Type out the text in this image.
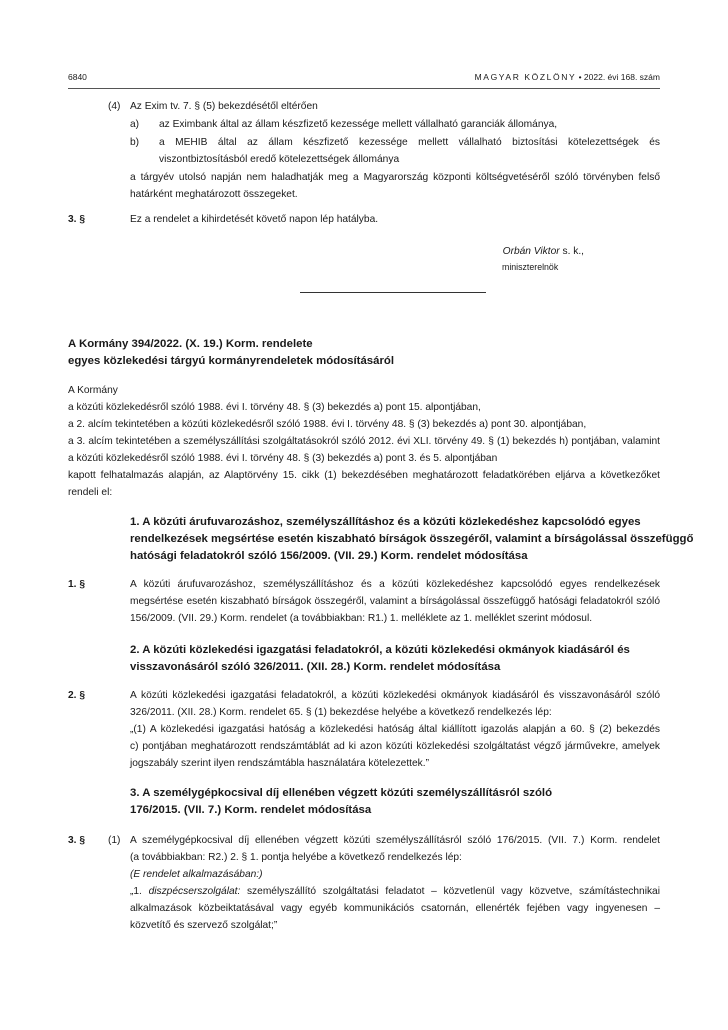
6840	MAGYAR KÖZLÖNY • 2022. évi 168. szám
(4) Az Exim tv. 7. § (5) bekezdésétől eltérően
a) az Eximbank által az állam készfizető kezessége mellett vállalható garanciák állománya,
b) a MEHIB által az állam készfizető kezessége mellett vállalható biztosítási kötelezettségek és
viszontbiztosításból eredő kötelezettségek állománya
a tárgyév utolsó napján nem haladhatják meg a Magyarország központi költségvetéséről szóló törvényben felső
határként meghatározott összegeket.
3. §	Ez a rendelet a kihirdetését követő napon lép hatályba.
Orbán Viktor s. k.,
miniszterelnök
A Kormány 394/2022. (X. 19.) Korm. rendelete
egyes közlekedési tárgyú kormányrendeletek módosításáról
A Kormány
a közúti közlekedésről szóló 1988. évi I. törvény 48. § (3) bekezdés a) pont 15. alpontjában,
a 2. alcím tekintetében a közúti közlekedésről szóló 1988. évi I. törvény 48. § (3) bekezdés a) pont 30. alpontjában,
a 3. alcím tekintetében a személyszállítási szolgáltatásokról szóló 2012. évi XLI. törvény 49. § (1) bekezdés h) pontjában, valamint
a közúti közlekedésről szóló 1988. évi I. törvény 48. § (3) bekezdés a) pont 3. és 5. alpontjában
kapott felhatalmazás alapján, az Alaptörvény 15. cikk (1) bekezdésében meghatározott feladatkörében eljárva a következőket
rendeli el:
1. A közúti árufuvarozáshoz, személyszállításhoz és a közúti közlekedéshez kapcsolódó egyes
rendelkezések megsértése esetén kiszabható bírságok összegéről, valamint a bírságolással összefüggő
hatósági feladatokról szóló 156/2009. (VII. 29.) Korm. rendelet módosítása
1. §	A közúti árufuvarozáshoz, személyszállításhoz és a közúti közlekedéshez kapcsolódó egyes rendelkezések
megsértése esetén kiszabható bírságok összegéről, valamint a bírságolással összefüggő hatósági feladatokról szóló
156/2009. (VII. 29.) Korm. rendelet (a továbbiakban: R1.) 1. melléklete az 1. melléklet szerint módosul.
2. A közúti közlekedési igazgatási feladatokról, a közúti közlekedési okmányok kiadásáról és
visszavonásáról szóló 326/2011. (XII. 28.) Korm. rendelet módosítása
2. §	A közúti közlekedési igazgatási feladatokról, a közúti közlekedési okmányok kiadásáról és visszavonásáról szóló
326/2011. (XII. 28.) Korm. rendelet 65. § (1) bekezdése helyébe a következő rendelkezés lép:
„(1) A közlekedési igazgatási hatóság a közlekedési hatóság által kiállított igazolás alapján a 60. § (2) bekezdés
c) pontjában meghatározott rendszámtáblát ad ki azon közúti közlekedési szolgáltatást végző járművekre, amelyek
jogszabály szerint ilyen rendszámtábla használatára kötelezettek.”
3. A személygépkocsival díj ellenében végzett közúti személyszállításról szóló
176/2015. (VII. 7.) Korm. rendelet módosítása
3. § (1) A személygépkocsival díj ellenében végzett közúti személyszállításról szóló 176/2015. (VII. 7.) Korm. rendelet
(a továbbiakban: R2.) 2. § 1. pontja helyébe a következő rendelkezés lép:
(E rendelet alkalmazásában:)
„1. diszpécserszolgálat: személyszállító szolgáltatási feladatot – közvetlenül vagy közvetve, számítástechnikai
alkalmazások közbeiktatásával vagy egyéb kommunikációs csatornán, ellenérték fejében vagy ingyenesen –
közvetítő és szervező szolgálat;”
